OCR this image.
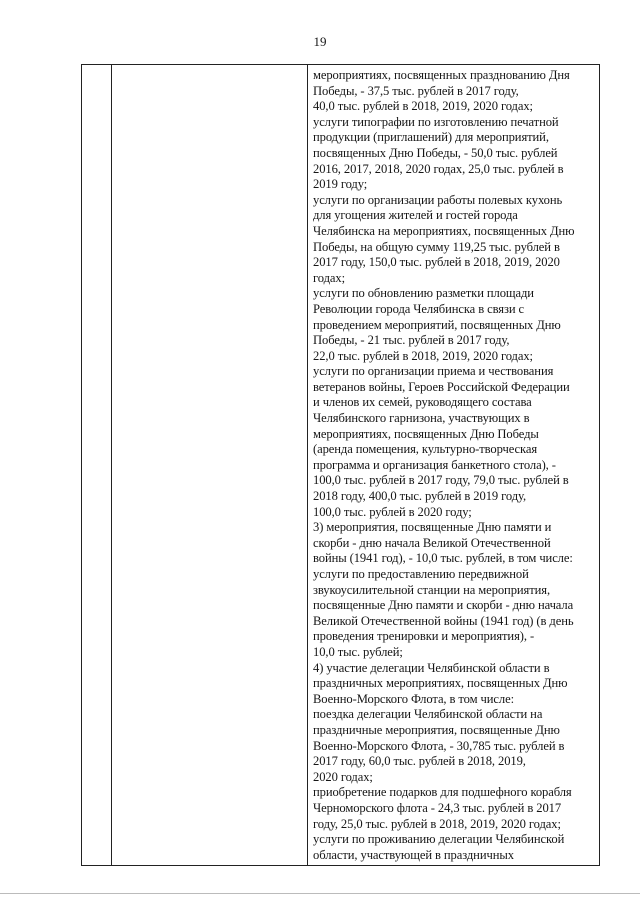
19

мероприятиях, посвященных празднованию Дня
Победы, - 37,5 тыс. рублей в 2017 году,
40,0 тыс. рублей в 2018, 2019, 2020 годах;
услуги типографии по изготовлению печатной
продукции (приглашений) для мероприятий,
посвященных Дню Победы, - 50,0 тыс. рублей
2016, 2017, 2018, 2020 годах, 25,0 тыс. рублей в
2019 году;
услуги по организации работы полевых кухонь
для угощения жителей и гостей города
Челябинска на мероприятиях, посвященных Дню
Победы, на общую сумму 119,25 тыс. рублей в
2017 году, 150,0 тыс. рублей в 2018, 2019, 2020
годах;
услуги по обновлению разметки площади
Революции города Челябинска в связи с
проведением мероприятий, посвященных Дню
Победы, - 21 тыс. рублей в 2017 году,
22,0 тыс. рублей в 2018, 2019, 2020 годах;
услуги по организации приема и чествования
ветеранов войны, Героев Российской Федерации
и членов их семей, руководящего состава
Челябинского гарнизона, участвующих в
мероприятиях, посвященных Дню Победы
(аренда помещения, культурно-творческая
программа и организация банкетного стола), -
100,0 тыс. рублей в 2017 году, 79,0 тыс. рублей в
2018 году, 400,0 тыс. рублей в 2019 году,
100,0 тыс. рублей в 2020 году;
3) мероприятия, посвященные Дню памяти и
скорби - дню начала Великой Отечественной
войны (1941 год), - 10,0 тыс. рублей, в том числе:
услуги по предоставлению передвижной
звукоусилительной станции на мероприятия,
посвященные Дню памяти и скорби - дню начала
Великой Отечественной войны (1941 год) (в день
проведения тренировки и мероприятия), -
10,0 тыс. рублей;
4) участие делегации Челябинской области в
праздничных мероприятиях, посвященных Дню
Военно-Морского Флота, в том числе:
поездка делегации Челябинской области на
праздничные мероприятия, посвященные Дню
Военно-Морского Флота, - 30,785 тыс. рублей в
2017 году, 60,0 тыс. рублей в 2018, 2019,
2020 годах;
приобретение подарков для подшефного корабля
Черноморского флота - 24,3 тыс. рублей в 2017
году, 25,0 тыс. рублей в 2018, 2019, 2020 годах;
услуги по проживанию делегации Челябинской
области, участвующей в праздничных
